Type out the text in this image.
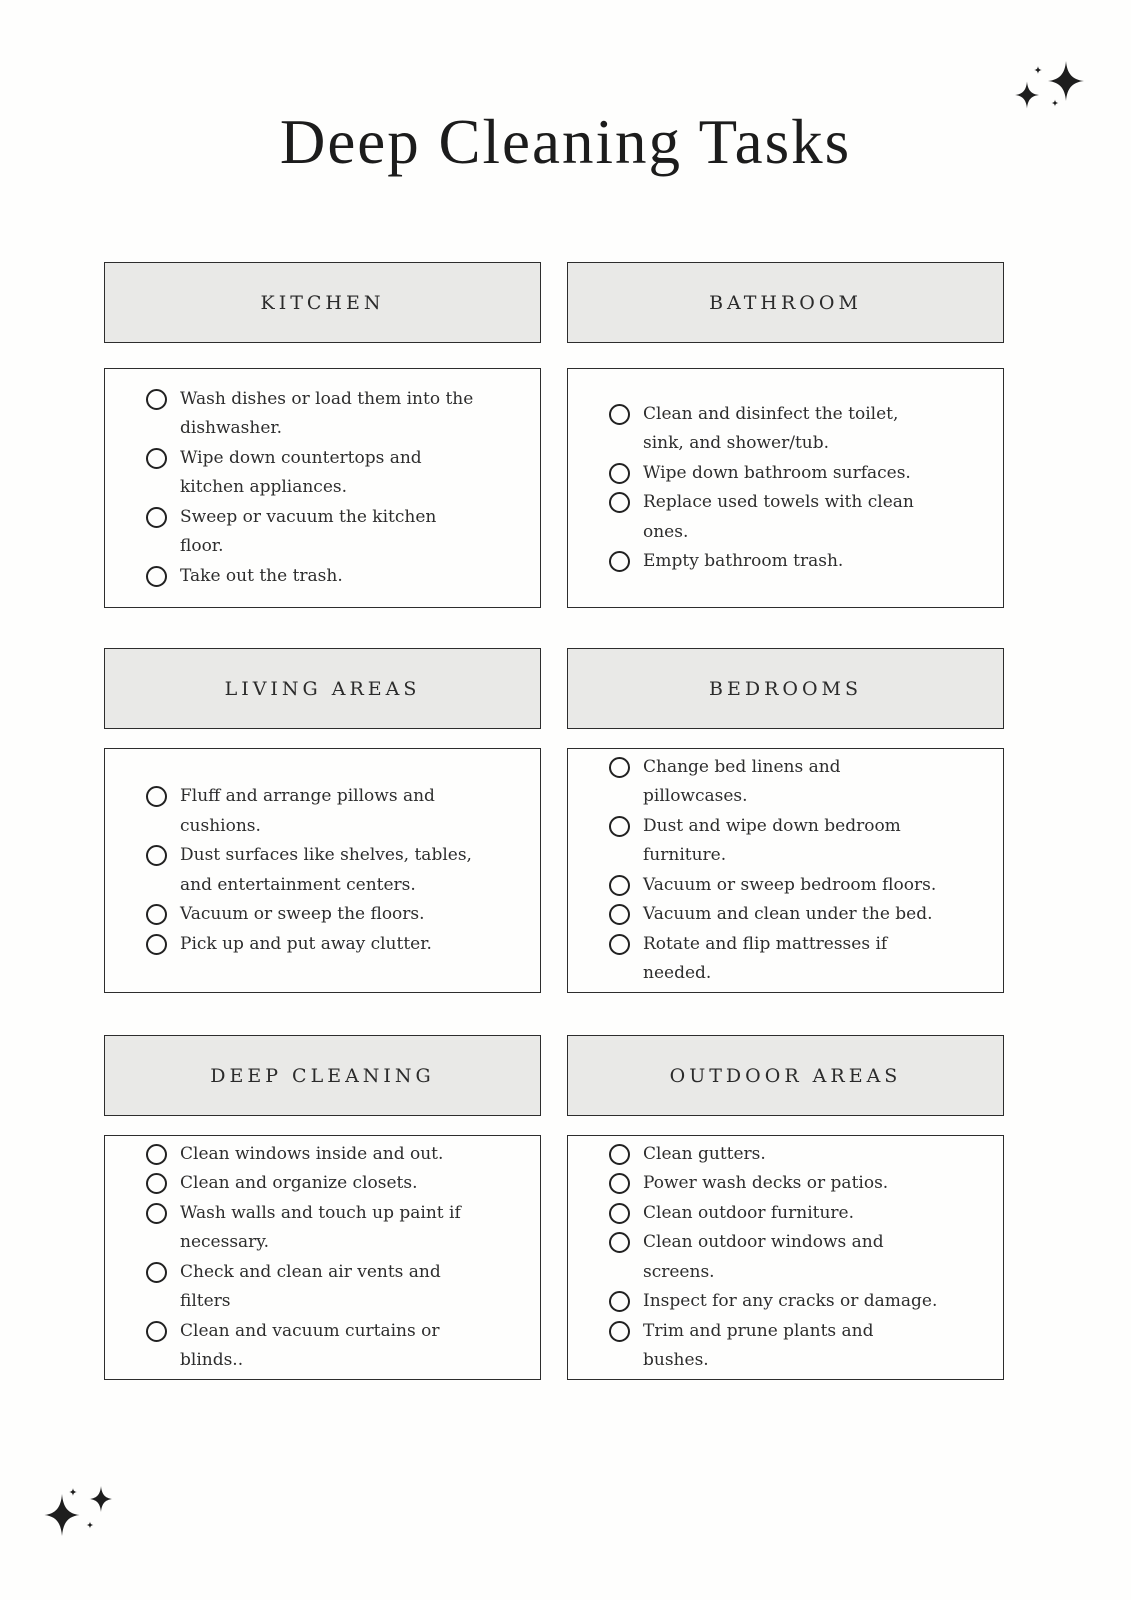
Deep Cleaning Tasks
KITCHEN
Wash dishes or load them into the dishwasher.
Wipe down countertops and kitchen appliances.
Sweep or vacuum the kitchen floor.
Take out the trash.
BATHROOM
Clean and disinfect the toilet, sink, and shower/tub.
Wipe down bathroom surfaces.
Replace used towels with clean ones.
Empty bathroom trash.
LIVING AREAS
Fluff and arrange pillows and cushions.
Dust surfaces like shelves, tables, and entertainment centers.
Vacuum or sweep the floors.
Pick up and put away clutter.
BEDROOMS
Change bed linens and pillowcases.
Dust and wipe down bedroom furniture.
Vacuum or sweep bedroom floors.
Vacuum and clean under the bed.
Rotate and flip mattresses if needed.
DEEP CLEANING
Clean windows inside and out.
Clean and organize closets.
Wash walls and touch up paint if necessary.
Check and clean air vents and filters
Clean and vacuum curtains or blinds..
OUTDOOR AREAS
Clean gutters.
Power wash decks or patios.
Clean outdoor furniture.
Clean outdoor windows and screens.
Inspect for any cracks or damage.
Trim and prune plants and bushes.
